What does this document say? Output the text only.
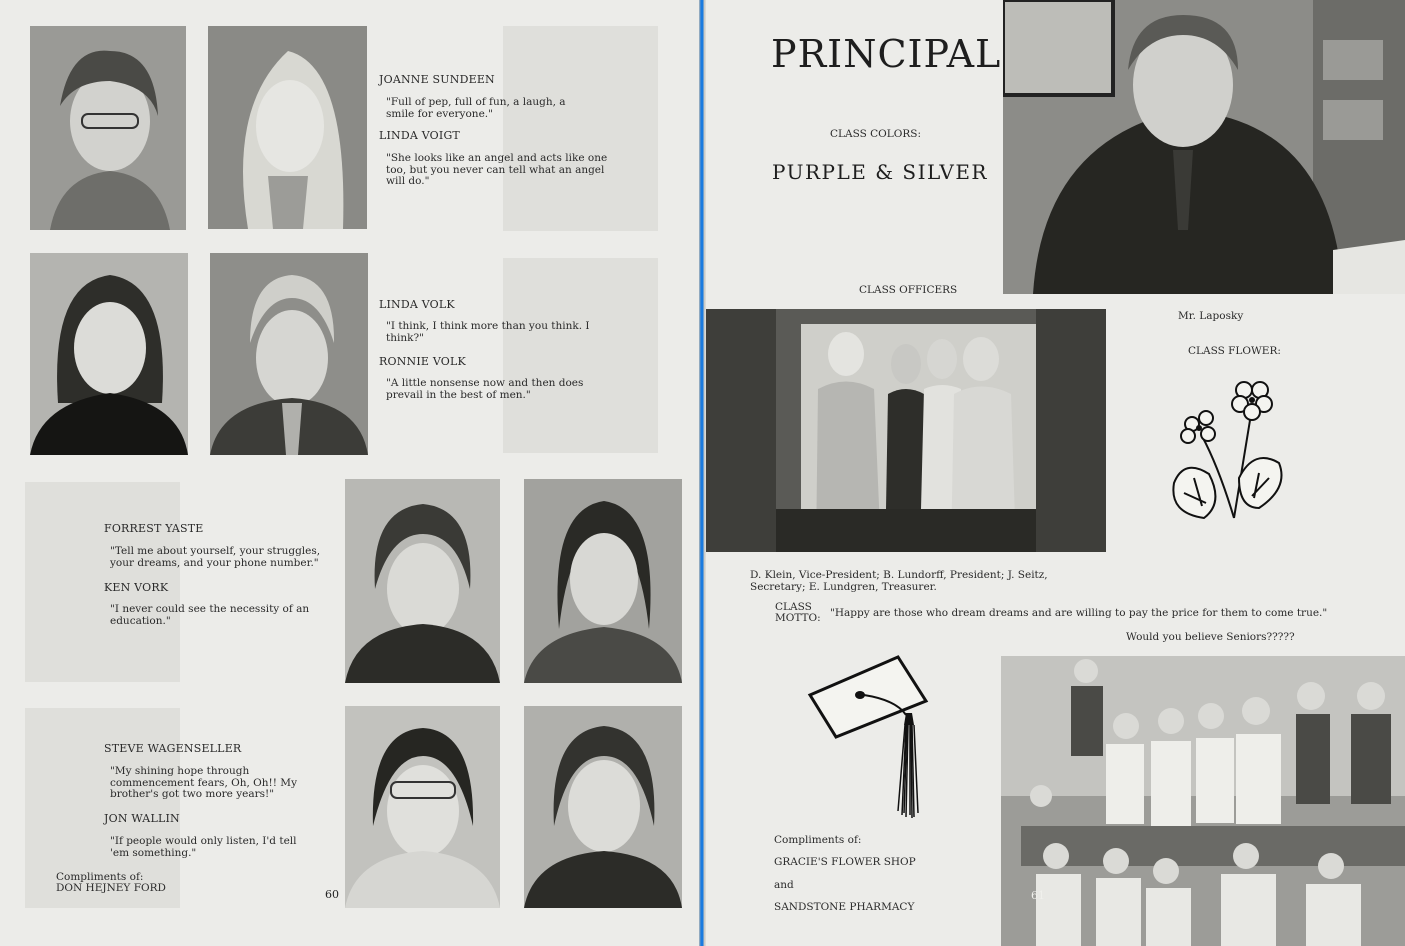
JOANNE SUNDEEN
"Full of pep, full of fun, a laugh, a smile for everyone."
LINDA VOIGT
"She looks like an angel and acts like one too, but you never can tell what an angel will do."
LINDA VOLK
"I think, I think more than you think. I think?"
RONNIE VOLK
"A little nonsense now and then does prevail in the best of men."
FORREST YASTE
"Tell me about yourself, your struggles, your dreams, and your phone number."
KEN VORK
"I never could see the necessity of an education."
STEVE WAGENSELLER
"My shining hope through commencement fears, Oh, Oh!! My brother's got two more years!"
JON WALLIN
"If people would only listen, I'd tell 'em something."
Compliments of:
DON HEJNEY FORD	60
PRINCIPAL
CLASS COLORS:
PURPLE & SILVER
CLASS OFFICERS
Mr. Laposky
CLASS FLOWER:
D. Klein, Vice-President; B. Lundorff, President; J. Seitz,
Secretary; E. Lundgren, Treasurer.
CLASS
MOTTO: "Happy are those who dream dreams and are willing to pay the price for them to come true."
Would you believe Seniors?????
Compliments of:
GRACIE'S FLOWER SHOP
and
SANDSTONE PHARMACY
61
